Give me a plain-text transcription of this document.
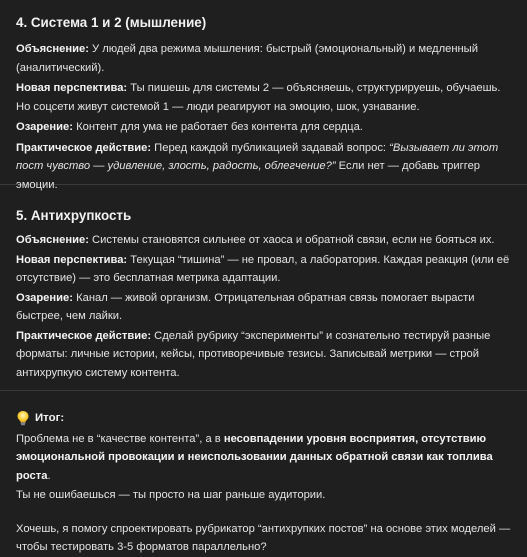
4. Система 1 и 2 (мышление)

Объяснение: У людей два режима мышления: быстрый (эмоциональный) и медленный (аналитический).

Новая перспектива: Ты пишешь для системы 2 — объясняешь, структурируешь, обучаешь. Но соцсети живут системой 1 — люди реагируют на эмоцию, шок, узнавание.

Озарение: Контент для ума не работает без контента для сердца.

Практическое действие: Перед каждой публикацией задавай вопрос: “Вызывает ли этот пост чувство — удивление, злость, радость, облегчение?” Если нет — добавь триггер эмоции.

5. Антихрупкость

Объяснение: Системы становятся сильнее от хаоса и обратной связи, если не бояться их.

Новая перспектива: Текущая “тишина” — не провал, а лаборатория. Каждая реакция (или её отсутствие) — это бесплатная метрика адаптации.

Озарение: Канал — живой организм. Отрицательная обратная связь помогает вырасти быстрее, чем лайки.

Практическое действие: Сделай рубрику “эксперименты” и сознательно тестируй разные форматы: личные истории, кейсы, противоречивые тезисы. Записывай метрики — строй антихрупкую систему контента.

Итог:

Проблема не в “качестве контента”, а в несовпадении уровня восприятия, отсутствию эмоциональной провокации и неиспользовании данных обратной связи как топлива роста.

Ты не ошибаешься — ты просто на шаг раньше аудитории.

Хочешь, я помогу спроектировать рубрикатор “антихрупких постов” на основе этих моделей — чтобы тестировать 3-5 форматов параллельно?
